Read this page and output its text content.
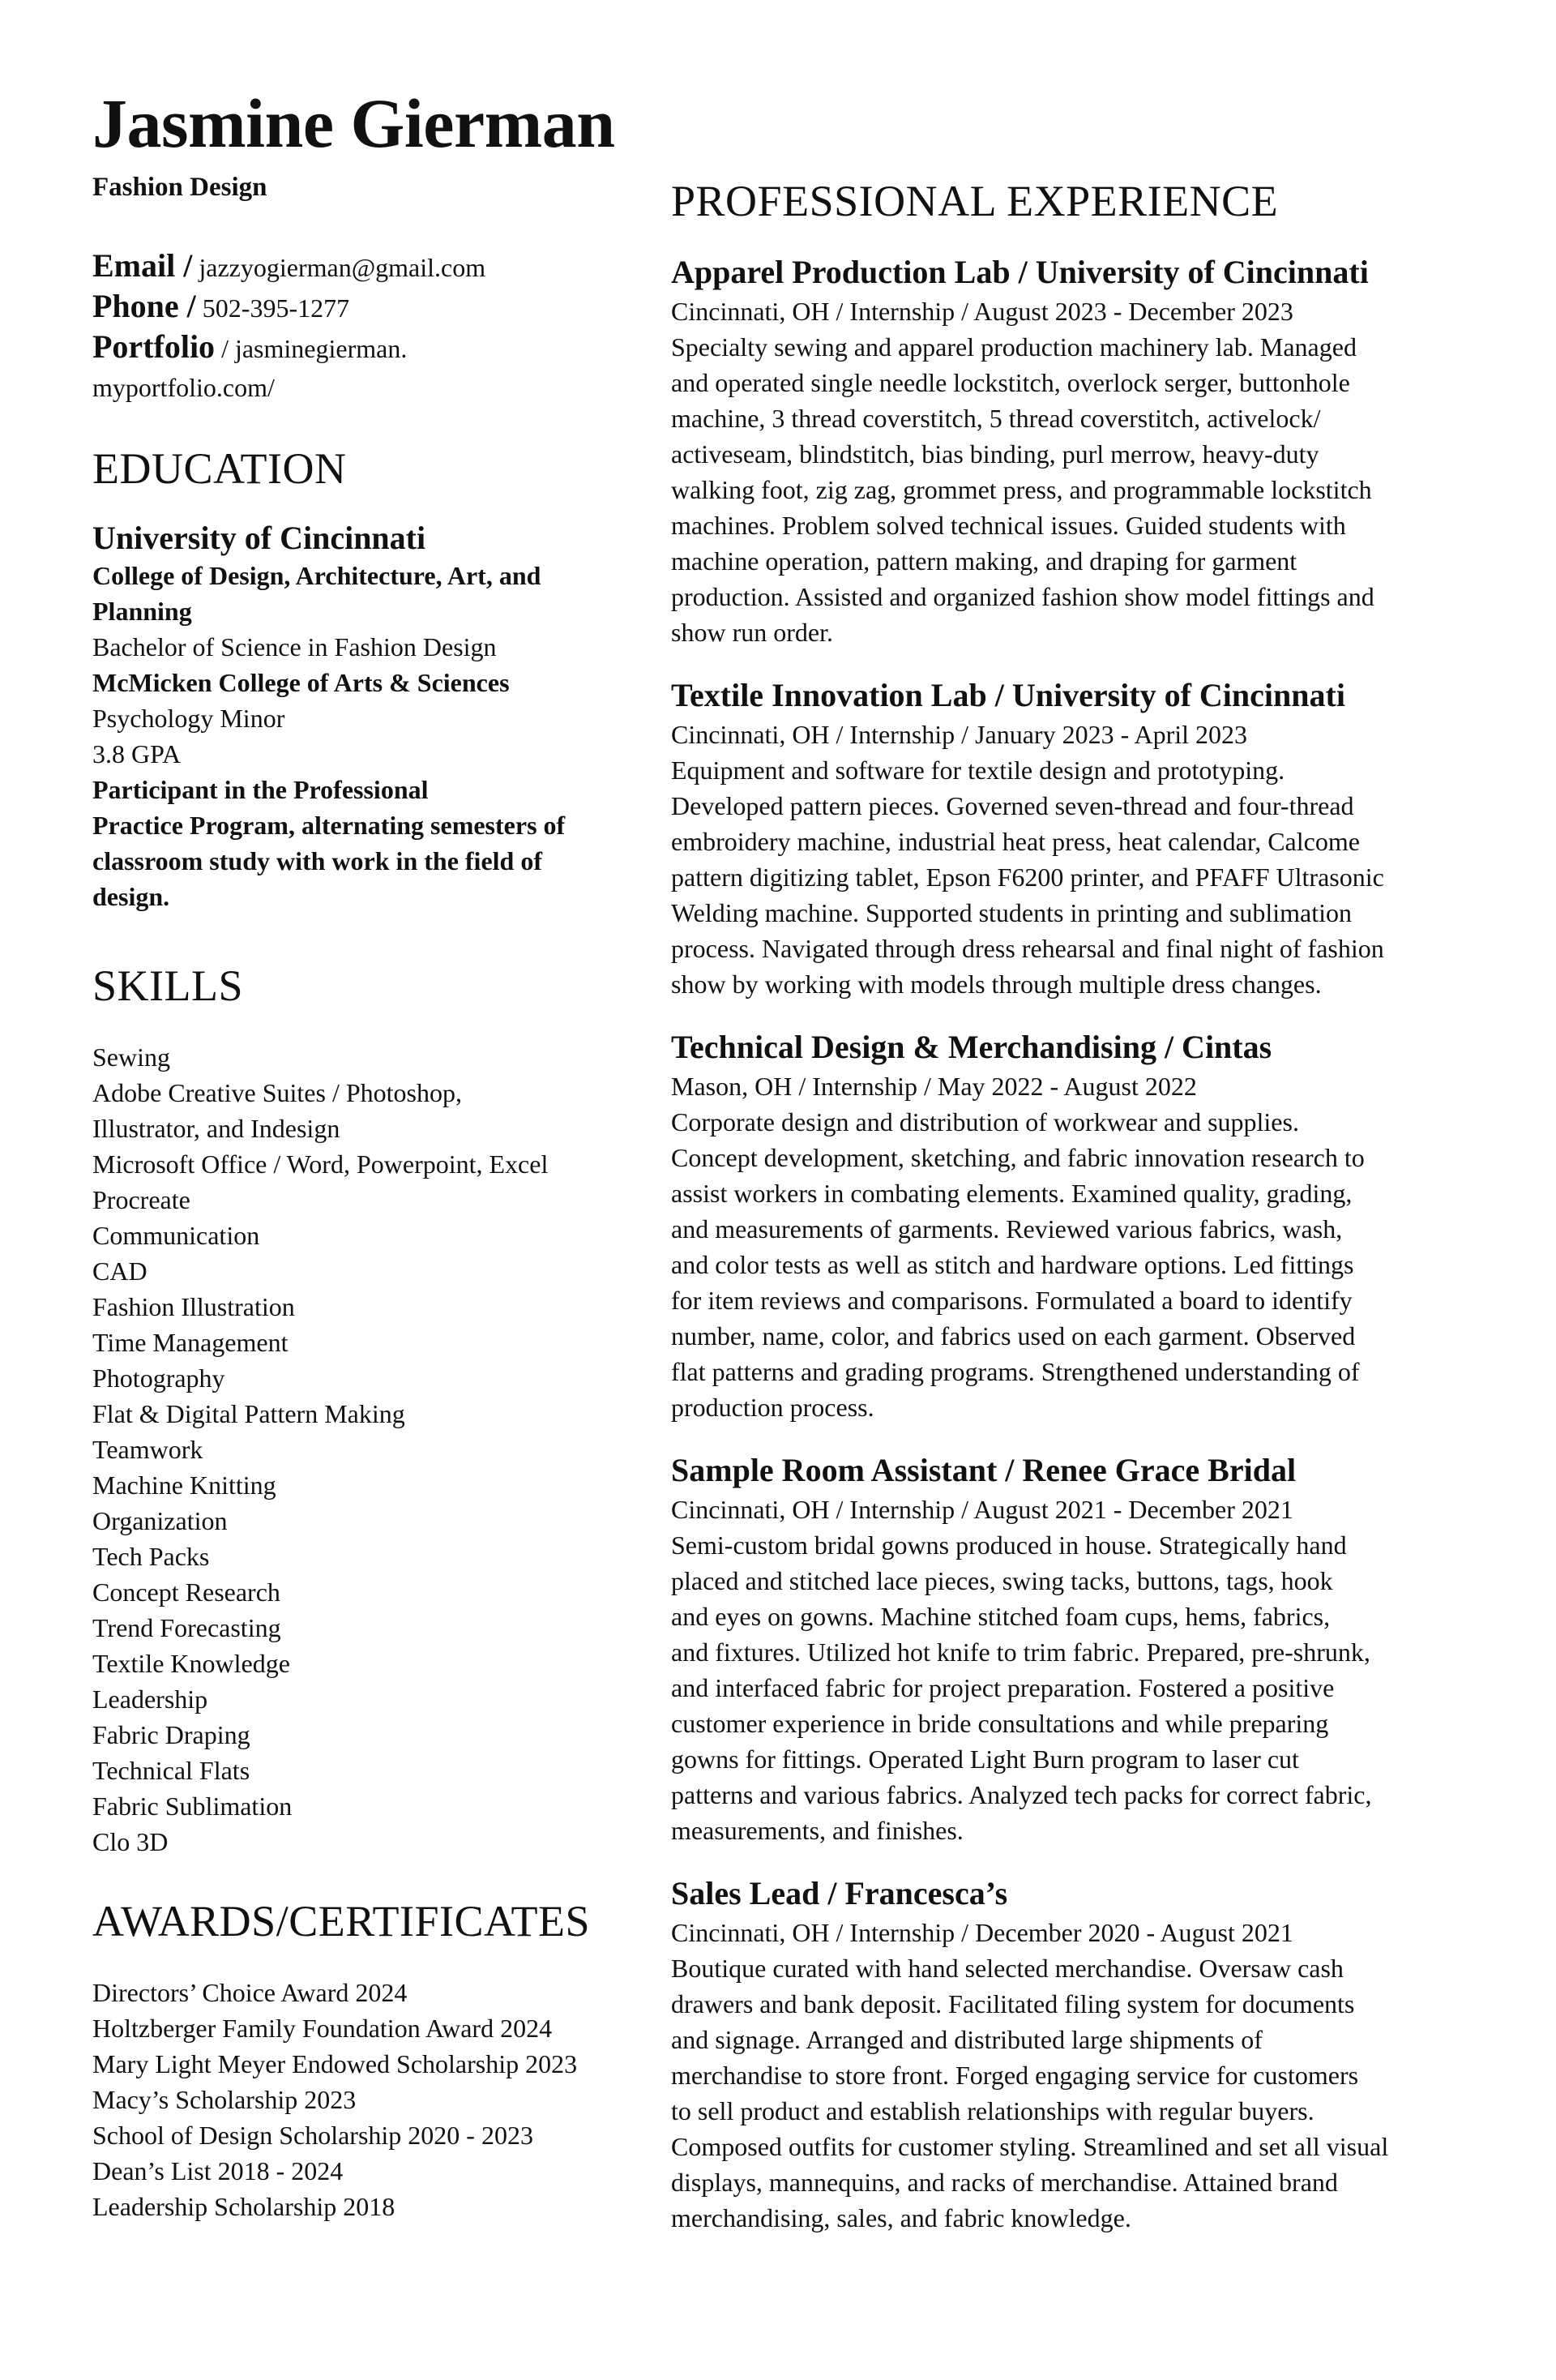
Jasmine Gierman
Fashion Design
Email / jazzyogierman@gmail.com
Phone / 502-395-1277
Portfolio / jasminegierman.
myportfolio.com/
EDUCATION
University of Cincinnati
College of Design, Architecture, Art, and
Planning
Bachelor of Science in Fashion Design
McMicken College of Arts & Sciences
Psychology Minor
3.8 GPA
Participant in the Professional
Practice Program, alternating semesters of
classroom study with work in the field of
design.
SKILLS
Sewing
Adobe Creative Suites / Photoshop,
Illustrator, and Indesign
Microsoft Office / Word, Powerpoint, Excel
Procreate
Communication
CAD
Fashion Illustration
Time Management
Photography
Flat & Digital Pattern Making
Teamwork
Machine Knitting
Organization
Tech Packs
Concept Research
Trend Forecasting
Textile Knowledge
Leadership
Fabric Draping
Technical Flats
Fabric Sublimation
Clo 3D
AWARDS/CERTIFICATES
Directors’ Choice Award 2024
Holtzberger Family Foundation Award 2024
Mary Light Meyer Endowed Scholarship 2023
Macy’s Scholarship 2023
School of Design Scholarship 2020 - 2023
Dean’s List 2018 - 2024
Leadership Scholarship 2018
PROFESSIONAL EXPERIENCE
Apparel Production Lab / University of Cincinnati
Cincinnati, OH / Internship / August 2023 - December 2023
Specialty sewing and apparel production machinery lab. Managed
and operated single needle lockstitch, overlock serger, buttonhole
machine, 3 thread coverstitch, 5 thread coverstitch, activelock/
activeseam, blindstitch, bias binding, purl merrow, heavy-duty
walking foot, zig zag, grommet press, and programmable lockstitch
machines. Problem solved technical issues. Guided students with
machine operation, pattern making, and draping for garment
production. Assisted and organized fashion show model fittings and
show run order.
Textile Innovation Lab / University of Cincinnati
Cincinnati, OH / Internship / January 2023 - April 2023
Equipment and software for textile design and prototyping.
Developed pattern pieces. Governed seven-thread and four-thread
embroidery machine, industrial heat press, heat calendar, Calcome
pattern digitizing tablet, Epson F6200 printer, and PFAFF Ultrasonic
Welding machine. Supported students in printing and sublimation
process. Navigated through dress rehearsal and final night of fashion
show by working with models through multiple dress changes.
Technical Design & Merchandising / Cintas
Mason, OH / Internship / May 2022 - August 2022
Corporate design and distribution of workwear and supplies.
Concept development, sketching, and fabric innovation research to
assist workers in combating elements. Examined quality, grading,
and measurements of garments. Reviewed various fabrics, wash,
and color tests as well as stitch and hardware options. Led fittings
for item reviews and comparisons. Formulated a board to identify
number, name, color, and fabrics used on each garment. Observed
flat patterns and grading programs. Strengthened understanding of
production process.
Sample Room Assistant / Renee Grace Bridal
Cincinnati, OH / Internship / August 2021 - December 2021
Semi-custom bridal gowns produced in house. Strategically hand
placed and stitched lace pieces, swing tacks, buttons, tags, hook
and eyes on gowns. Machine stitched foam cups, hems, fabrics,
and fixtures. Utilized hot knife to trim fabric. Prepared, pre-shrunk,
and interfaced fabric for project preparation. Fostered a positive
customer experience in bride consultations and while preparing
gowns for fittings. Operated Light Burn program to laser cut
patterns and various fabrics. Analyzed tech packs for correct fabric,
measurements, and finishes.
Sales Lead / Francesca’s
Cincinnati, OH / Internship / December 2020 - August 2021
Boutique curated with hand selected merchandise. Oversaw cash
drawers and bank deposit. Facilitated filing system for documents
and signage. Arranged and distributed large shipments of
merchandise to store front. Forged engaging service for customers
to sell product and establish relationships with regular buyers.
Composed outfits for customer styling. Streamlined and set all visual
displays, mannequins, and racks of merchandise. Attained brand
merchandising, sales, and fabric knowledge.
